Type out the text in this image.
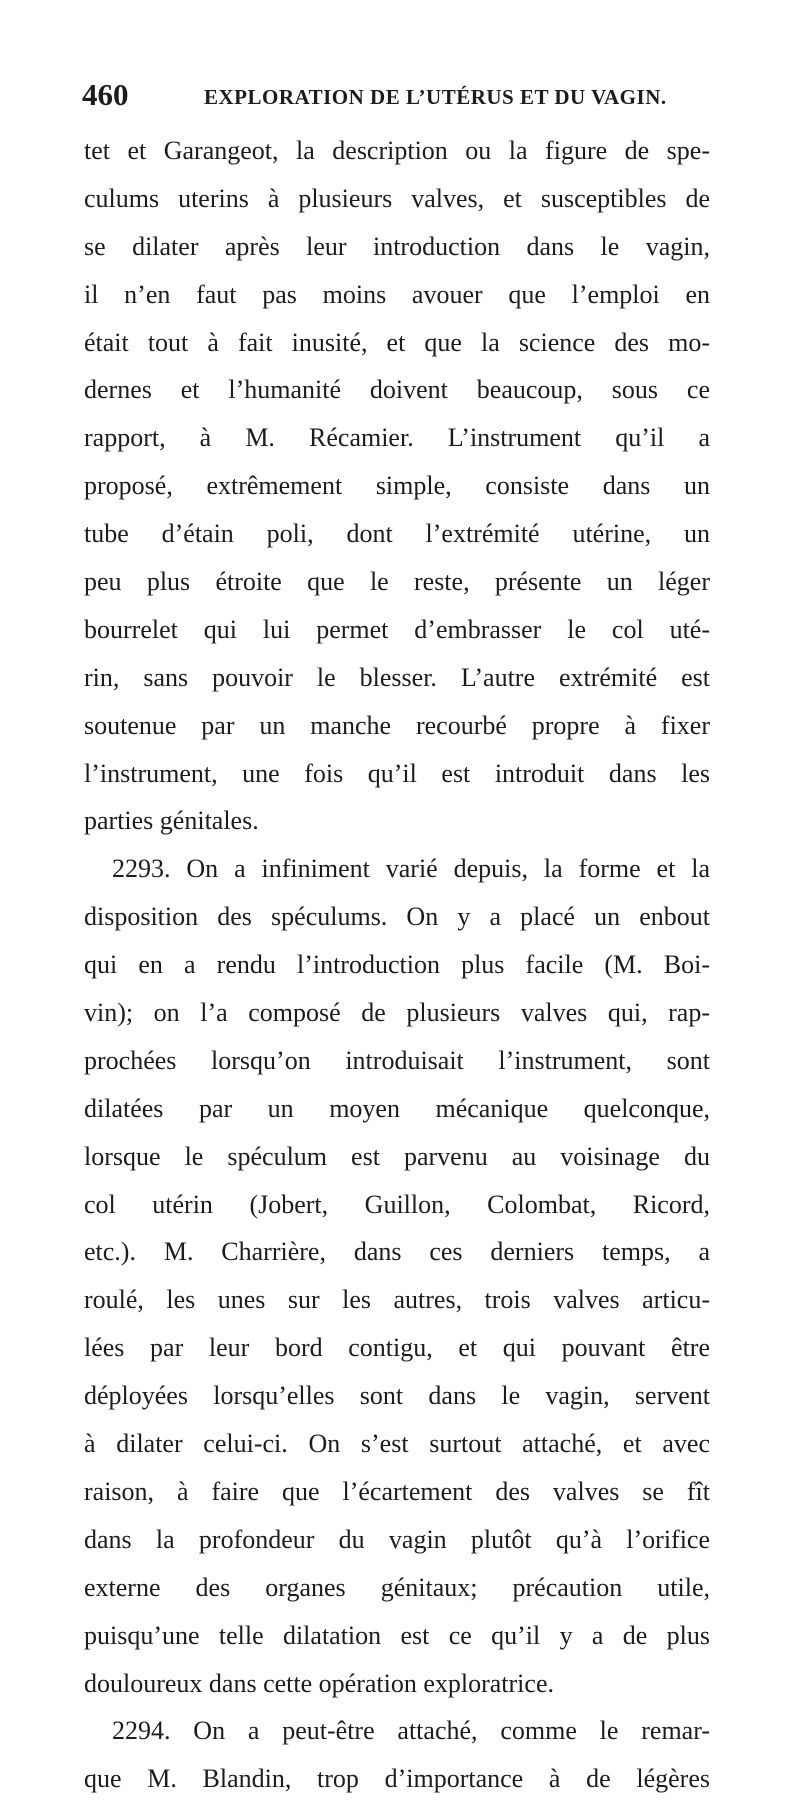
460	EXPLORATION DE L’UTÉRUS ET DU VAGIN.
tet et Garangeot, la description ou la figure de spe-
culums uterins à plusieurs valves, et susceptibles de
se dilater après leur introduction dans le vagin,
il n’en faut pas moins avouer que l’emploi en
était tout à fait inusité, et que la science des mo-
dernes et l’humanité doivent beaucoup, sous ce
rapport, à M. Récamier. L’instrument qu’il a
proposé, extrêmement simple, consiste dans un
tube d’étain poli, dont l’extrémité utérine, un
peu plus étroite que le reste, présente un léger
bourrelet qui lui permet d’embrasser le col uté-
rin, sans pouvoir le blesser. L’autre extrémité est
soutenue par un manche recourbé propre à fixer
l’instrument, une fois qu’il est introduit dans les
parties génitales.
2293. On a infiniment varié depuis, la forme et la
disposition des spéculums. On y a placé un enbout
qui en a rendu l’introduction plus facile (M. Boi-
vin); on l’a composé de plusieurs valves qui, rap-
prochées lorsqu’on introduisait l’instrument, sont
dilatées par un moyen mécanique quelconque,
lorsque le spéculum est parvenu au voisinage du
col utérin (Jobert, Guillon, Colombat, Ricord,
etc.). M. Charrière, dans ces derniers temps, a
roulé, les unes sur les autres, trois valves articu-
lées par leur bord contigu, et qui pouvant être
déployées lorsqu’elles sont dans le vagin, servent
à dilater celui-ci. On s’est surtout attaché, et avec
raison, à faire que l’écartement des valves se fît
dans la profondeur du vagin plutôt qu’à l’orifice
externe des organes génitaux; précaution utile,
puisqu’une telle dilatation est ce qu’il y a de plus
douloureux dans cette opération exploratrice.
2294. On a peut-être attaché, comme le remar-
que M. Blandin, trop d’importance à de légères
